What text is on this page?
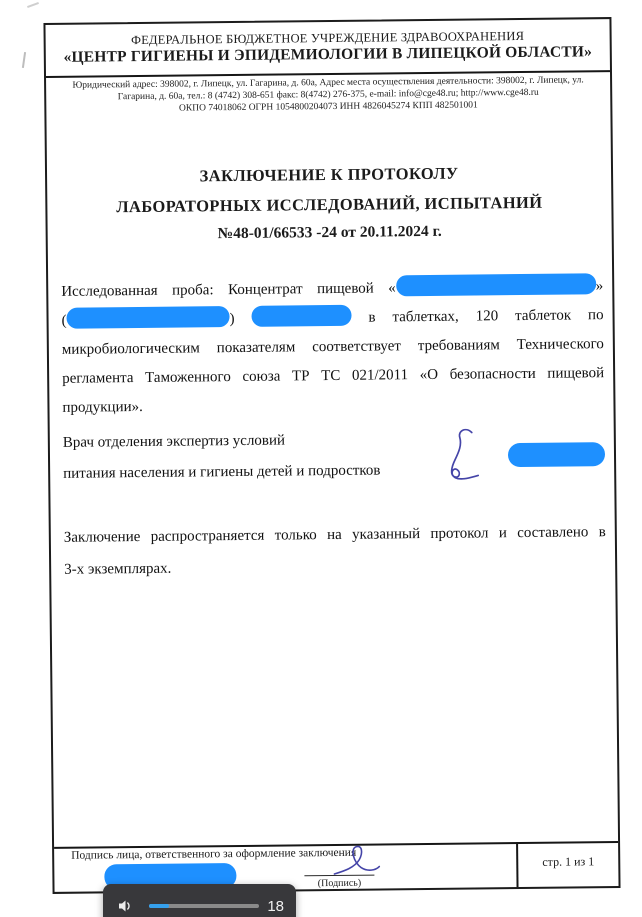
ФЕДЕРАЛЬНОЕ БЮДЖЕТНОЕ УЧРЕЖДЕНИЕ ЗДРАВООХРАНЕНИЯ
«ЦЕНТР ГИГИЕНЫ И ЭПИДЕМИОЛОГИИ В ЛИПЕЦКОЙ ОБЛАСТИ»
Юридический адрес: 398002, г. Липецк, ул. Гагарина, д. 60а, Адрес места осуществления деятельности: 398002, г. Липецк, ул.
Гагарина, д. 60а, тел.: 8 (4742) 308-651 факс: 8(4742) 276-375, e-mail: info@cge48.ru; http://www.cge48.ru
ОКПО 74018062 ОГРН 1054800204073 ИНН 4826045274 КПП 482501001
ЗАКЛЮЧЕНИЕ К ПРОТОКОЛУ
ЛАБОРАТОРНЫХ ИССЛЕДОВАНИЙ, ИСПЫТАНИЙ
№48-01/66533 -24 от 20.11.2024 г.
Исследованная проба: Концентрат пищевой «	»
(	)	в таблетках, 120 таблеток по
микробиологическим показателям соответствует требованиям Технического
регламента Таможенного союза ТР ТС 021/2011 «О безопасности пищевой
продукции».
Врач отделения экспертиз условий
питания населения и гигиены детей и подростков
Заключение распространяется только на указанный протокол и составлено в
3-х экземплярах.
Подпись лица, ответственного за оформление заключения
(Подпись)
стр. 1 из 1
18
